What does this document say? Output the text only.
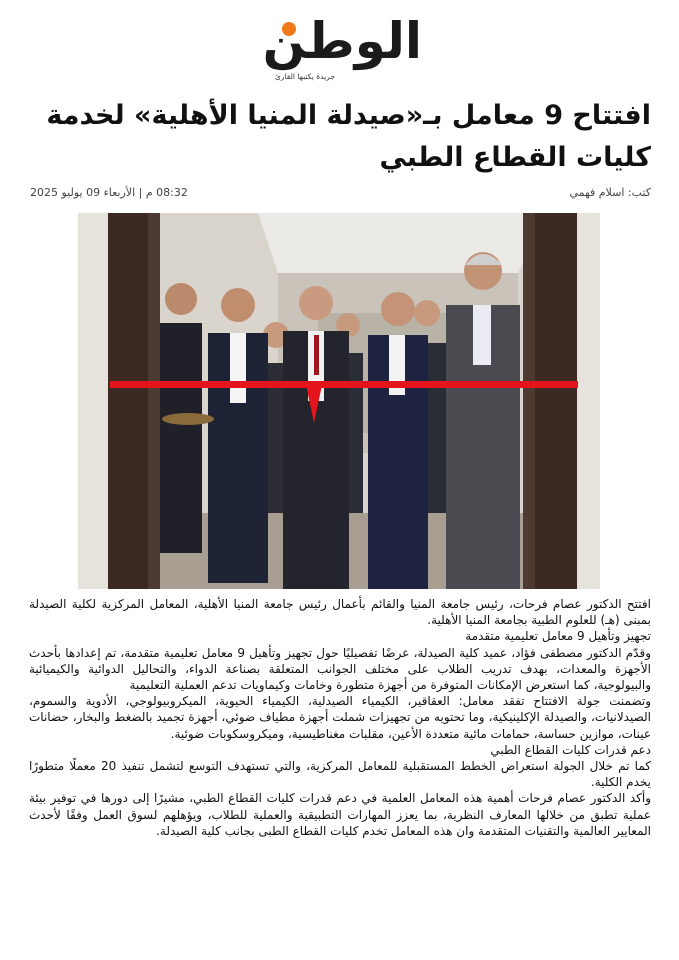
الوطن
جريدة يكتبها القارئ
افتتاح 9 معامل بـ«صيدلة المنيا الأهلية» لخدمة كليات القطاع الطبي
كتب: اسلام فهمي
08:32 م | الأربعاء 09 يوليو 2025

افتتح الدكتور عصام فرحات، رئيس جامعة المنيا والقائم بأعمال رئيس جامعة المنيا الأهلية، المعامل المركزية لكلية الصيدلة بمبنى (هـ) للعلوم الطبية بجامعة المنيا الأهلية.

تجهيز وتأهيل 9 معامل تعليمية متقدمة

وقدّم الدكتور مصطفى فؤاد، عميد كلية الصيدلة، عرضًا تفصيليًا حول تجهيز وتأهيل 9 معامل تعليمية متقدمة، تم إعدادها بأحدث الأجهزة والمعدات، بهدف تدريب الطلاب على مختلف الجوانب المتعلقة بصناعة الدواء، والتحاليل الدوائية والكيميائية والبيولوجية، كما استعرض الإمكانات المتوفرة من أجهزة متطورة وخامات وكيماويات تدعم العملية التعليمية

وتضمنت جولة الافتتاح تفقد معامل: العقاقير، الكيمياء الصيدلية، الكيمياء الحيوية، الميكروبيولوجي، الأدوية والسموم، الصيدلانيات، والصيدلة الإكلينيكية، وما تحتويه من تجهيزات شملت أجهزة مطياف ضوئي، أجهزة تجميد بالضغط والبخار، حضانات عينات، موازين حساسة، حمامات مائية متعددة الأعين، مقلبات مغناطيسية، وميكروسكوبات ضوئية.

دعم قدرات كليات القطاع الطبي

كما تم خلال الجولة استعراض الخطط المستقبلية للمعامل المركزية، والتي تستهدف التوسع لتشمل تنفيذ 20 معملًا متطورًا يخدم الكلية.

وأكد الدكتور عصام فرحات أهمية هذه المعامل العلمية في دعم قدرات كليات القطاع الطبي، مشيرًا إلى دورها في توفير بيئة عملية تطبق من خلالها المعارف النظرية، بما يعزز المهارات التطبيقية والعملية للطلاب، ويؤهلهم لسوق العمل وفقًا لأحدث المعايير العالمية والتقنيات المتقدمة وان هذه المعامل تخدم كليات القطاع الطبى بجانب كلية الصيدلة.
